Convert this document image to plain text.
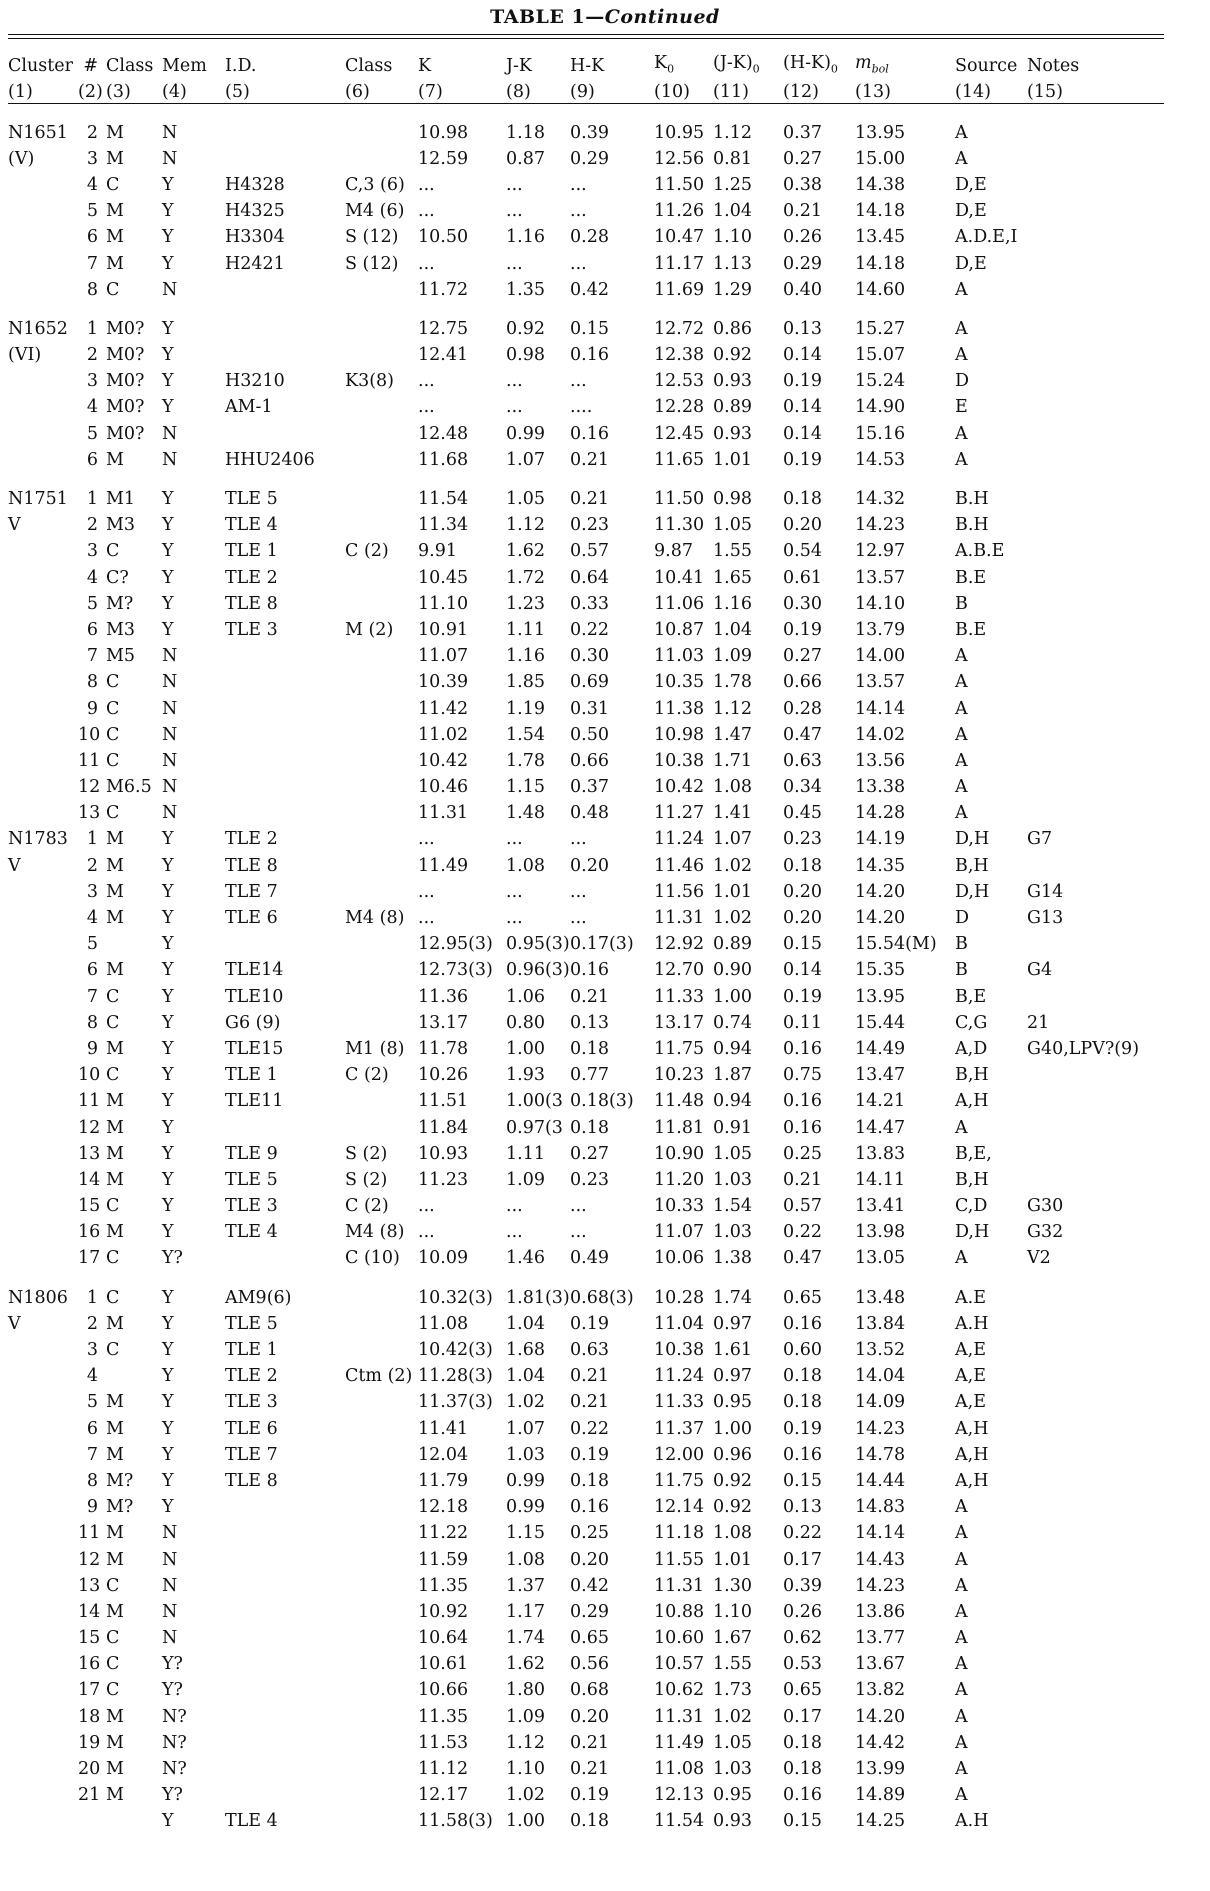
TABLE 1—Continued
Cluster	#	Class	Mem	I.D.	Class	K	J-K	H-K	$K_0$	$(J-K)_0$	$(H-K)_0$	$m_{bol}$	Source	Notes
(1)	(2)	(3)	(4)	(5)	(6)	(7)	(8)	(9)	(10)	(11)	(12)	(13)	(14)	(15)

N1651	2	M	N			10.98	1.18	0.39	10.95	1.12	0.37	13.95	A	
(V)	3	M	N			12.59	0.87	0.29	12.56	0.81	0.27	15.00	A	
	4	C	Y	H4328	C,3 (6)	...	...	...	11.50	1.25	0.38	14.38	D,E	
	5	M	Y	H4325	M4 (6)	...	...	...	11.26	1.04	0.21	14.18	D,E	
	6	M	Y	H3304	S (12)	10.50	1.16	0.28	10.47	1.10	0.26	13.45	A.D.E,I	
	7	M	Y	H2421	S (12)	...	...	...	11.17	1.13	0.29	14.18	D,E	
	8	C	N			11.72	1.35	0.42	11.69	1.29	0.40	14.60	A	

N1652	1	M0?	Y			12.75	0.92	0.15	12.72	0.86	0.13	15.27	A	
(VI)	2	M0?	Y			12.41	0.98	0.16	12.38	0.92	0.14	15.07	A	
	3	M0?	Y	H3210	K3(8)	...	...	...	12.53	0.93	0.19	15.24	D	
	4	M0?	Y	AM-1		...	...	....	12.28	0.89	0.14	14.90	E	
	5	M0?	N			12.48	0.99	0.16	12.45	0.93	0.14	15.16	A	
	6	M	N	HHU2406		11.68	1.07	0.21	11.65	1.01	0.19	14.53	A	

N1751	1	M1	Y	TLE 5		11.54	1.05	0.21	11.50	0.98	0.18	14.32	B.H	
V	2	M3	Y	TLE 4		11.34	1.12	0.23	11.30	1.05	0.20	14.23	B.H	
	3	C	Y	TLE 1	C (2)	9.91	1.62	0.57	9.87	1.55	0.54	12.97	A.B.E	
	4	C?	Y	TLE 2		10.45	1.72	0.64	10.41	1.65	0.61	13.57	B.E	
	5	M?	Y	TLE 8		11.10	1.23	0.33	11.06	1.16	0.30	14.10	B	
	6	M3	Y	TLE 3	M (2)	10.91	1.11	0.22	10.87	1.04	0.19	13.79	B.E	
	7	M5	N			11.07	1.16	0.30	11.03	1.09	0.27	14.00	A	
	8	C	N			10.39	1.85	0.69	10.35	1.78	0.66	13.57	A	
	9	C	N			11.42	1.19	0.31	11.38	1.12	0.28	14.14	A	
	10	C	N			11.02	1.54	0.50	10.98	1.47	0.47	14.02	A	
	11	C	N			10.42	1.78	0.66	10.38	1.71	0.63	13.56	A	
	12	M6.5	N			10.46	1.15	0.37	10.42	1.08	0.34	13.38	A	
	13	C	N			11.31	1.48	0.48	11.27	1.41	0.45	14.28	A	
N1783	1	M	Y	TLE 2		...	...	...	11.24	1.07	0.23	14.19	D,H	G7
V	2	M	Y	TLE 8		11.49	1.08	0.20	11.46	1.02	0.18	14.35	B,H	
	3	M	Y	TLE 7		...	...	...	11.56	1.01	0.20	14.20	D,H	G14
	4	M	Y	TLE 6	M4 (8)	...	...	...	11.31	1.02	0.20	14.20	D	G13
	5		Y			12.95(3)	0.95(3)	0.17(3)	12.92	0.89	0.15	15.54(M)	B	
	6	M	Y	TLE14		12.73(3)	0.96(3)	0.16	12.70	0.90	0.14	15.35	B	G4
	7	C	Y	TLE10		11.36	1.06	0.21	11.33	1.00	0.19	13.95	B,E	
	8	C	Y	G6 (9)		13.17	0.80	0.13	13.17	0.74	0.11	15.44	C,G	21
	9	M	Y	TLE15	M1 (8)	11.78	1.00	0.18	11.75	0.94	0.16	14.49	A,D	G40,LPV?(9)
	10	C	Y	TLE 1	C (2)	10.26	1.93	0.77	10.23	1.87	0.75	13.47	B,H	
	11	M	Y	TLE11		11.51	1.00(3	0.18(3)	11.48	0.94	0.16	14.21	A,H	
	12	M	Y			11.84	0.97(3	0.18	11.81	0.91	0.16	14.47	A	
	13	M	Y	TLE 9	S (2)	10.93	1.11	0.27	10.90	1.05	0.25	13.83	B,E,	
	14	M	Y	TLE 5	S (2)	11.23	1.09	0.23	11.20	1.03	0.21	14.11	B,H	
	15	C	Y	TLE 3	C (2)	...	...	...	10.33	1.54	0.57	13.41	C,D	G30
	16	M	Y	TLE 4	M4 (8)	...	...	...	11.07	1.03	0.22	13.98	D,H	G32
	17	C	Y?		C (10)	10.09	1.46	0.49	10.06	1.38	0.47	13.05	A	V2

N1806	1	C	Y	AM9(6)		10.32(3)	1.81(3)	0.68(3)	10.28	1.74	0.65	13.48	A.E	
V	2	M	Y	TLE 5		11.08	1.04	0.19	11.04	0.97	0.16	13.84	A.H	
	3	C	Y	TLE 1		10.42(3)	1.68	0.63	10.38	1.61	0.60	13.52	A,E	
	4		Y	TLE 2	Ctm (2)	11.28(3)	1.04	0.21	11.24	0.97	0.18	14.04	A,E	
	5	M	Y	TLE 3		11.37(3)	1.02	0.21	11.33	0.95	0.18	14.09	A,E	
	6	M	Y	TLE 6		11.41	1.07	0.22	11.37	1.00	0.19	14.23	A,H	
	7	M	Y	TLE 7		12.04	1.03	0.19	12.00	0.96	0.16	14.78	A,H	
	8	M?	Y	TLE 8		11.79	0.99	0.18	11.75	0.92	0.15	14.44	A,H	
	9	M?	Y			12.18	0.99	0.16	12.14	0.92	0.13	14.83	A	
	11	M	N			11.22	1.15	0.25	11.18	1.08	0.22	14.14	A	
	12	M	N			11.59	1.08	0.20	11.55	1.01	0.17	14.43	A	
	13	C	N			11.35	1.37	0.42	11.31	1.30	0.39	14.23	A	
	14	M	N			10.92	1.17	0.29	10.88	1.10	0.26	13.86	A	
	15	C	N			10.64	1.74	0.65	10.60	1.67	0.62	13.77	A	
	16	C	Y?			10.61	1.62	0.56	10.57	1.55	0.53	13.67	A	
	17	C	Y?			10.66	1.80	0.68	10.62	1.73	0.65	13.82	A	
	18	M	N?			11.35	1.09	0.20	11.31	1.02	0.17	14.20	A	
	19	M	N?			11.53	1.12	0.21	11.49	1.05	0.18	14.42	A	
	20	M	N?			11.12	1.10	0.21	11.08	1.03	0.18	13.99	A	
	21	M	Y?			12.17	1.02	0.19	12.13	0.95	0.16	14.89	A	
			Y	TLE 4		11.58(3)	1.00	0.18	11.54	0.93	0.15	14.25	A.H	
